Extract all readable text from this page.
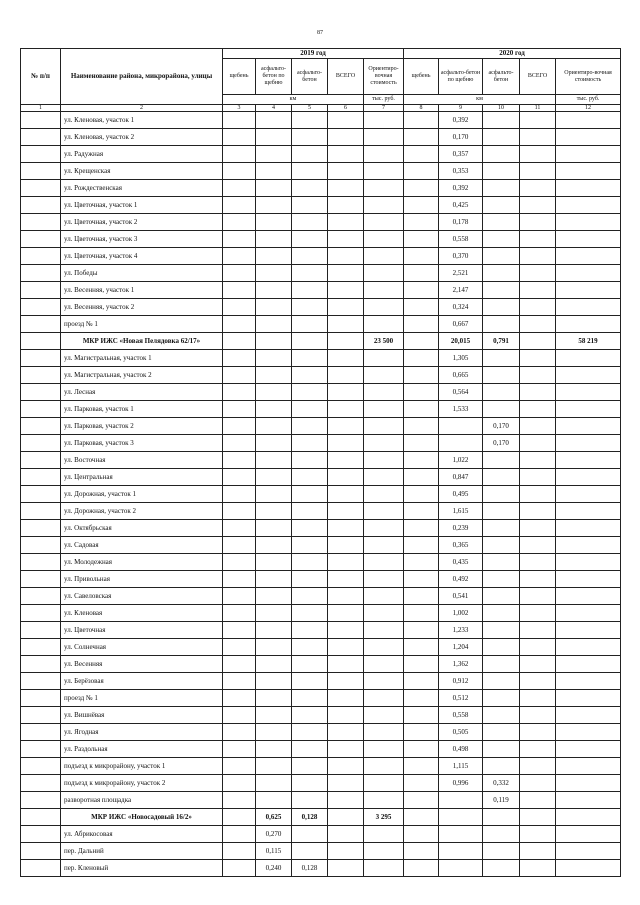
87
№ п/п	Наименование района, микрорайона, улицы	2019 год					2020 год				
		щебень	асфальто-бетон по щебню	асфальто-бетон	ВСЕГО	Ориентиро-вочная стоимость	щебень	асфальто-бетон по щебню	асфальто-бетон	ВСЕГО	Ориентиро-вочная стоимость
		км				тыс. руб.	км				тыс. руб.
1	2	3	4	5	6	7	8	9	10	11	12
	ул. Кленовая, участок 1							0,392			
	ул. Кленовая, участок 2							0,170			
	ул. Радужная							0,357			
	ул. Крещенская							0,353			
	ул. Рождественская							0,392			
	ул. Цветочная, участок 1							0,425			
	ул. Цветочная, участок 2							0,178			
	ул. Цветочная, участок 3							0,558			
	ул. Цветочная, участок 4							0,370			
	ул. Победы							2,521			
	ул. Весенняя, участок 1							2,147			
	ул. Весенняя, участок 2							0,324			
	проезд № 1							0,667			
	МКР ИЖС «Новая Пелядовка 62/17»					23 500		20,015	0,791		58 219
	ул. Магистральная, участок 1							1,305			
	ул. Магистральная, участок 2							0,665			
	ул. Лесная							0,564			
	ул. Парковая, участок 1							1,533			
	ул. Парковая, участок 2								0,170		
	ул. Парковая, участок 3								0,170		
	ул. Восточная							1,022			
	ул. Центральная							0,847			
	ул. Дорожная, участок 1							0,495			
	ул. Дорожная, участок 2							1,615			
	ул. Октябрьская							0,239			
	ул. Садовая							0,365			
	ул. Молодежная							0,435			
	ул. Привольная							0,492			
	ул. Савеловская							0,541			
	ул. Кленовая							1,002			
	ул. Цветочная							1,233			
	ул. Солнечная							1,204			
	ул. Весенняя							1,362			
	ул. Берёзовая							0,912			
	проезд № 1							0,512			
	ул. Вишнёвая							0,558			
	ул. Ягодная							0,505			
	ул. Раздольная							0,498			
	подъезд к микрорайону, участок 1							1,115			
	подъезд к микрорайону, участок 2							0,996	0,332		
	разворотная площадка								0,119		
	МКР ИЖС «Новосадовый 16/2»		0,625	0,128		3 295					
	ул. Абрикосовая		0,270								
	пер. Дальний		0,115								
	пер. Кленовый		0,240	0,128							
